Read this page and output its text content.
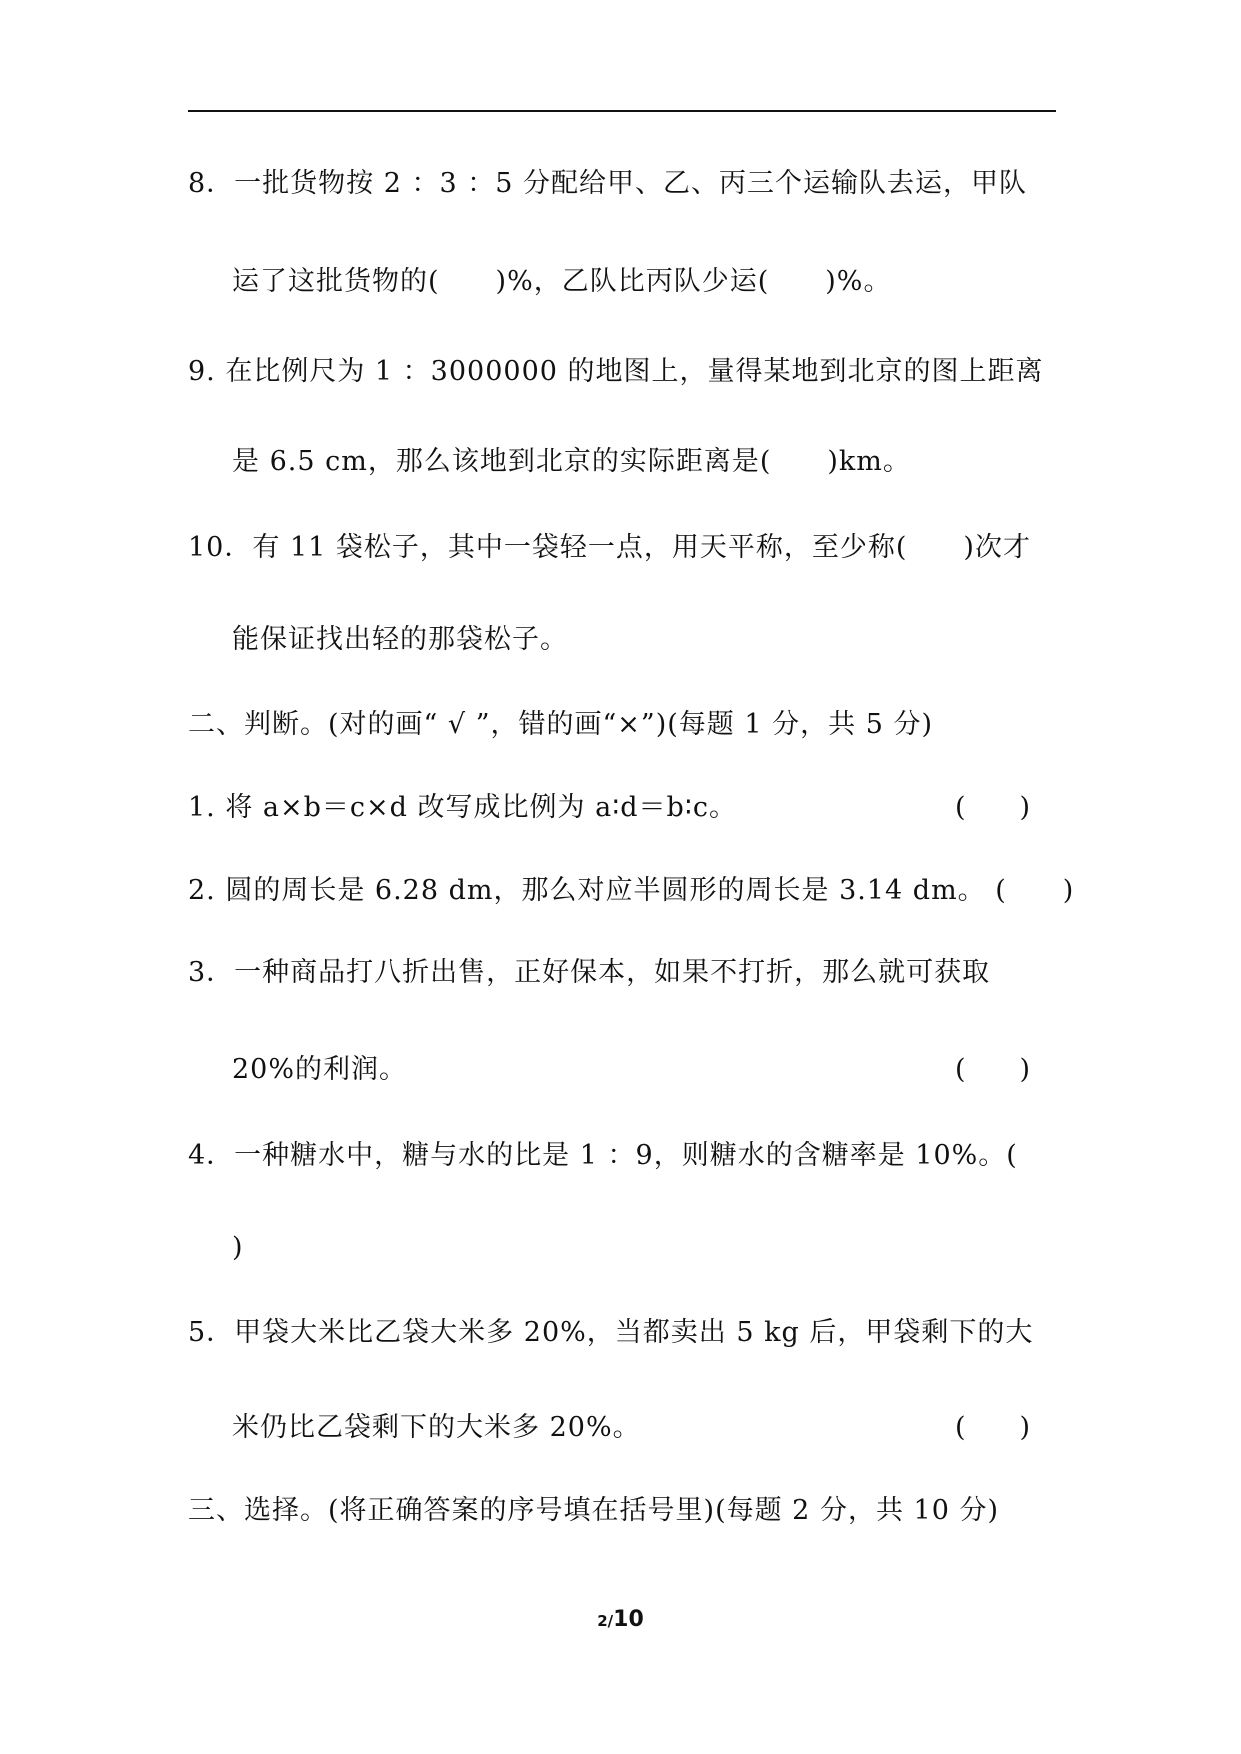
8．一批货物按 2 ：3 ：5 分配给甲、乙、丙三个运输队去运，甲队
运了这批货物的(　　)%，乙队比丙队少运(　　)%。
9. 在比例尺为 1 ：3000000 的地图上，量得某地到北京的图上距离
是 6.5 cm，那么该地到北京的实际距离是(　　)km。
10．有 11 袋松子，其中一袋轻一点，用天平称，至少称(　　)次才
能保证找出轻的那袋松子。
二、判断。(对的画“ √ ”，错的画“×”)(每题 1 分，共 5 分)
1. 将 a×b＝c×d 改写成比例为 a∶d＝b∶c。	(　　)
2. 圆的周长是 6.28 dm，那么对应半圆形的周长是 3.14 dm。 (　　)
3．一种商品打八折出售，正好保本，如果不打折，那么就可获取
20%的利润。	(　　)
4．一种糖水中，糖与水的比是 1 ：9，则糖水的含糖率是 10%。(
)
5．甲袋大米比乙袋大米多 20%，当都卖出 5 kg 后，甲袋剩下的大
米仍比乙袋剩下的大米多 20%。	(　　)
三、选择。(将正确答案的序号填在括号里)(每题 2 分，共 10 分)
2/10
